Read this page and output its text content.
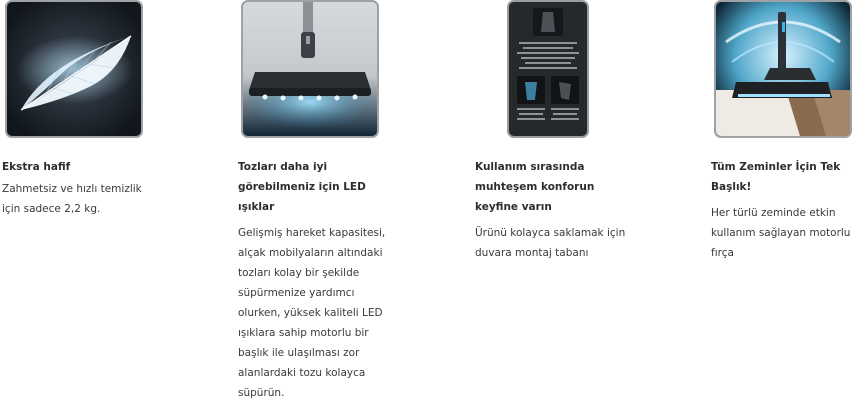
Ekstra hafif
Zahmetsiz ve hızlı temizlik için sadece 2,2 kg.
Tozları daha iyi görebilmeniz için LED ışıklar
Gelişmiş hareket kapasitesi, alçak mobilyaların altındaki tozları kolay bir şekilde süpürmenize yardımcı olurken, yüksek kaliteli LED ışıklara sahip motorlu bir başlık ile ulaşılması zor alanlardaki tozu kolayca süpürün.
Kullanım sırasında muhteşem konforun keyfine varın
Ürünü kolayca saklamak için duvara montaj tabanı
Tüm Zeminler İçin Tek Başlık!
Her türlü zeminde etkin kullanım sağlayan motorlu fırça
